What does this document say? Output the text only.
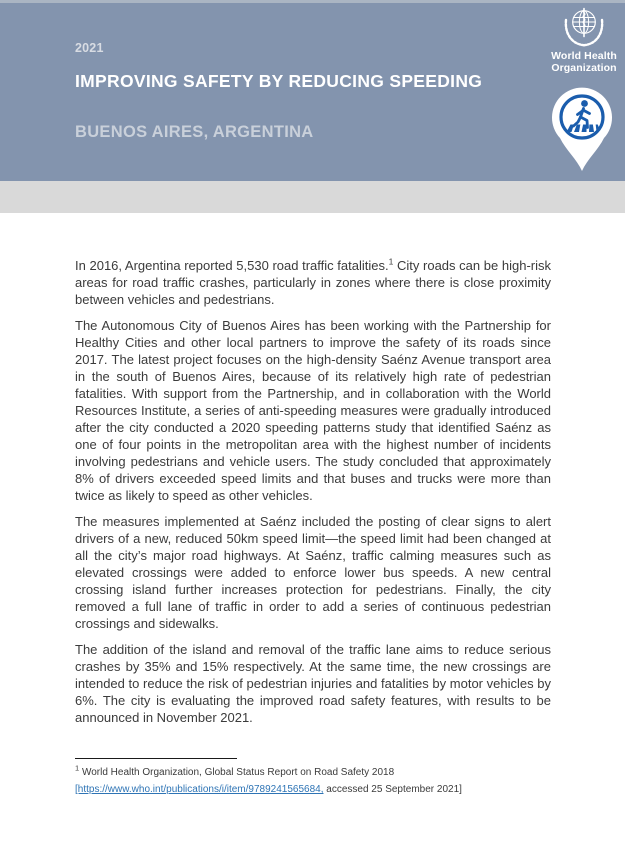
2021
IMPROVING SAFETY BY REDUCING SPEEDING
BUENOS AIRES, ARGENTINA
World Health
Organization

In 2016, Argentina reported 5,530 road traffic fatalities.$^1$ City roads can be high-risk areas for road traffic crashes, particularly in zones where there is close proximity between vehicles and pedestrians.

The Autonomous City of Buenos Aires has been working with the Partnership for Healthy Cities and other local partners to improve the safety of its roads since 2017. The latest project focuses on the high-density Saénz Avenue transport area in the south of Buenos Aires, because of its relatively high rate of pedestrian fatalities. With support from the Partnership, and in collaboration with the World Resources Institute, a series of anti-speeding measures were gradually introduced after the city conducted a 2020 speeding patterns study that identified Saénz as one of four points in the metropolitan area with the highest number of incidents involving pedestrians and vehicle users. The study concluded that approximately 8% of drivers exceeded speed limits and that buses and trucks were more than twice as likely to speed as other vehicles.

The measures implemented at Saénz included the posting of clear signs to alert drivers of a new, reduced 50km speed limit—the speed limit had been changed at all the city’s major road highways. At Saénz, traffic calming measures such as elevated crossings were added to enforce lower bus speeds. A new central crossing island further increases protection for pedestrians. Finally, the city removed a full lane of traffic in order to add a series of continuous pedestrian crossings and sidewalks.

The addition of the island and removal of the traffic lane aims to reduce serious crashes by 35% and 15% respectively. At the same time, the new crossings are intended to reduce the risk of pedestrian injuries and fatalities by motor vehicles by 6%. The city is evaluating the improved road safety features, with results to be announced in November 2021.

$^1$ World Health Organization, Global Status Report on Road Safety 2018
[https://www.who.int/publications/i/item/9789241565684, accessed 25 September 2021]
